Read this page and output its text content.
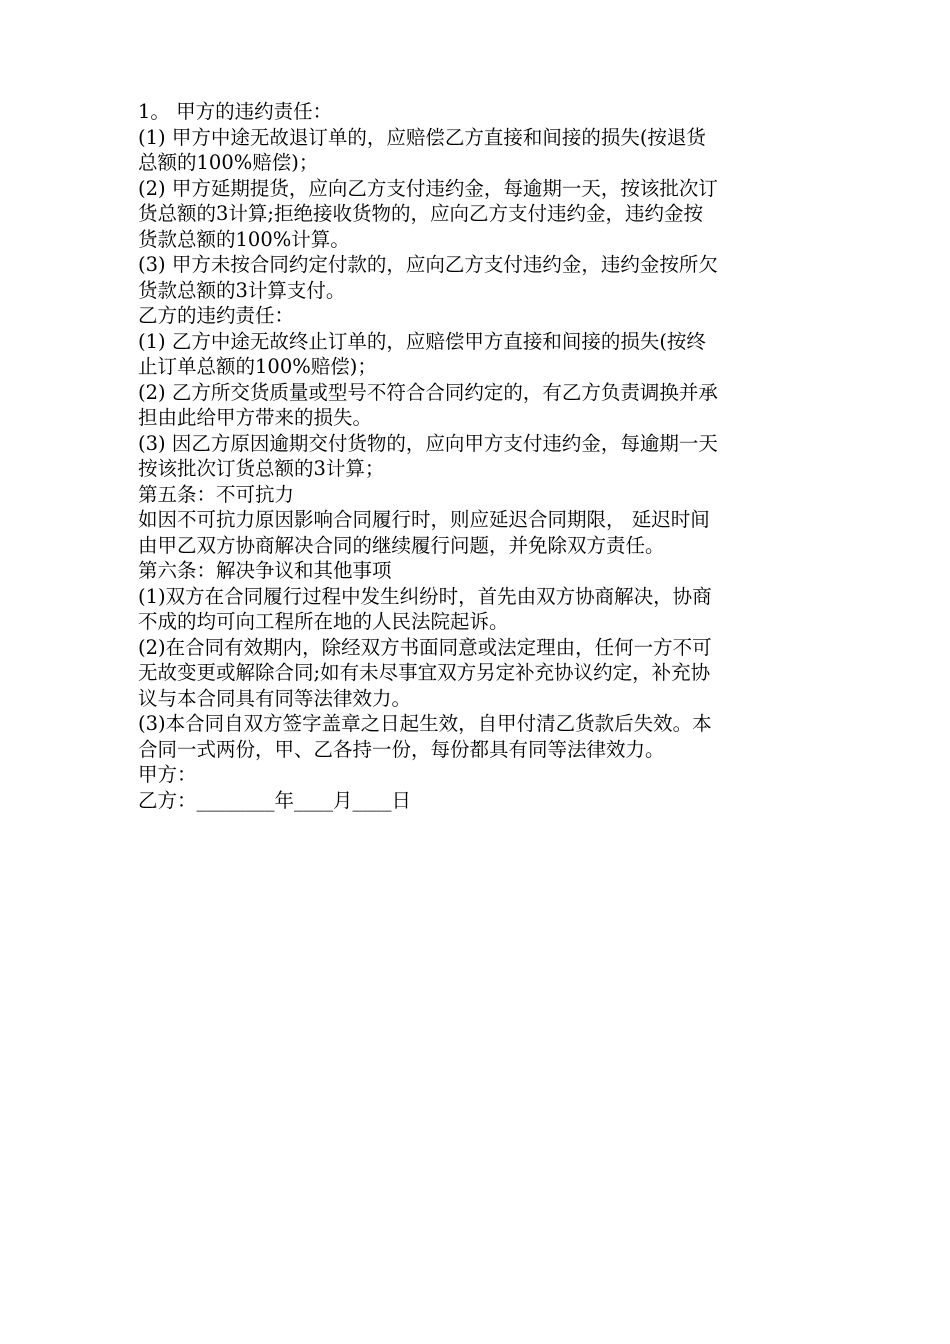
1。 甲方的违约责任：
(1) 甲方中途无故退订单的，应赔偿乙方直接和间接的损失(按退货
总额的100%赔偿)；
(2) 甲方延期提货，应向乙方支付违约金，每逾期一天，按该批次订
货总额的3计算;拒绝接收货物的，应向乙方支付违约金，违约金按
货款总额的100%计算。
(3) 甲方未按合同约定付款的，应向乙方支付违约金，违约金按所欠
货款总额的3计算支付。
乙方的违约责任：
(1) 乙方中途无故终止订单的，应赔偿甲方直接和间接的损失(按终
止订单总额的100%赔偿)；
(2) 乙方所交货质量或型号不符合合同约定的，有乙方负责调换并承
担由此给甲方带来的损失。
(3) 因乙方原因逾期交付货物的，应向甲方支付违约金，每逾期一天
按该批次订货总额的3计算；
第五条：不可抗力
如因不可抗力原因影响合同履行时，则应延迟合同期限， 延迟时间
由甲乙双方协商解决合同的继续履行问题，并免除双方责任。
第六条：解决争议和其他事项
(1)双方在合同履行过程中发生纠纷时，首先由双方协商解决，协商
不成的均可向工程所在地的人民法院起诉。
(2)在合同有效期内，除经双方书面同意或法定理由，任何一方不可
无故变更或解除合同;如有未尽事宜双方另定补充协议约定，补充协
议与本合同具有同等法律效力。
(3)本合同自双方签字盖章之日起生效，自甲付清乙货款后失效。本
合同一式两份，甲、乙各持一份，每份都具有同等法律效力。
甲方：
乙方：________年____月____日
